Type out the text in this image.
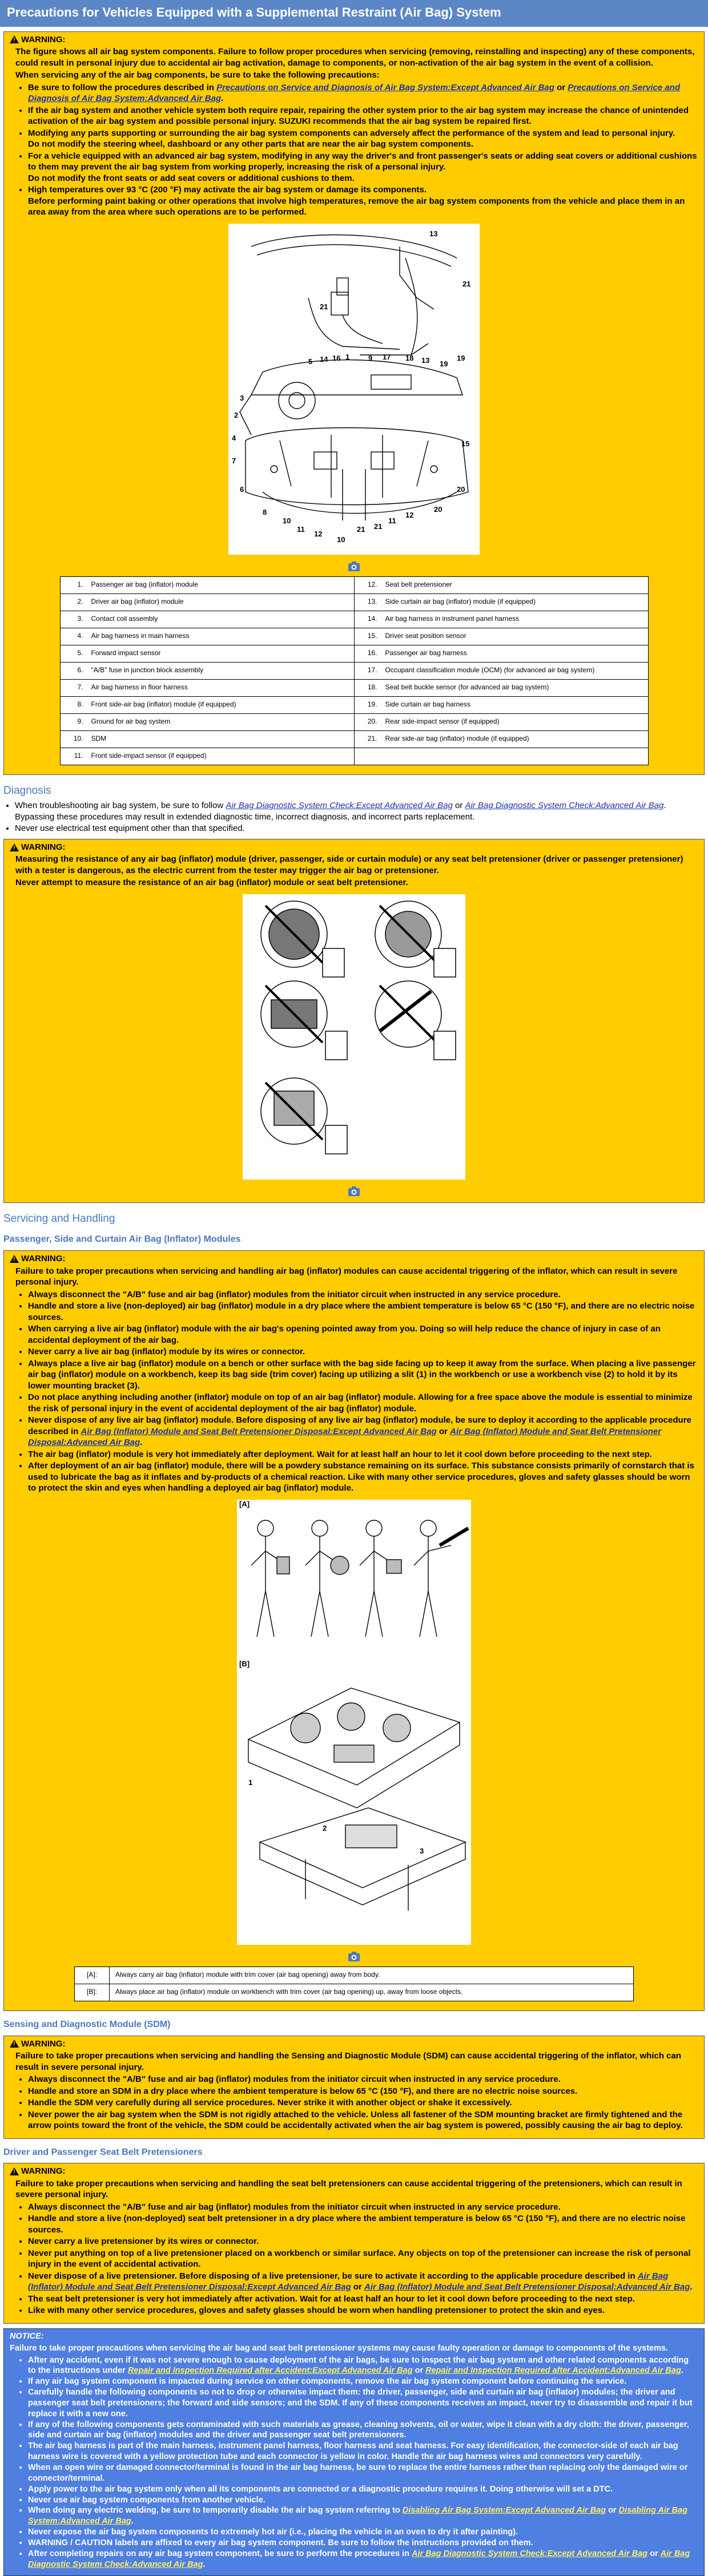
Precautions for Vehicles Equipped with a Supplemental Restraint (Air Bag) System
!
WARNING:

The figure shows all air bag system components. Failure to follow proper procedures when servicing (removing, reinstalling and inspecting) any of these components, could result in personal injury due to accidental air bag activation, damage to components, or non-activation of the air bag system in the event of a collision.

When servicing any of the air bag components, be sure to take the following precautions:

• Be sure to follow the procedures described in Precautions on Service and Diagnosis of Air Bag System:Except Advanced Air Bag or Precautions on Service and Diagnosis of Air Bag System:Advanced Air Bag.
• If the air bag system and another vehicle system both require repair, repairing the other system prior to the air bag system may increase the chance of unintended activation of the air bag system and possible personal injury. SUZUKI recommends that the air bag system be repaired first.
• Modifying any parts supporting or surrounding the air bag system components can adversely affect the performance of the system and lead to personal injury.
Do not modify the steering wheel, dashboard or any other parts that are near the air bag system components.
• For a vehicle equipped with an advanced air bag system, modifying in any way the driver's and front passenger's seats or adding seat covers or additional cushions to them may prevent the air bag system from working properly, increasing the risk of a personal injury.
Do not modify the front seats or add seat covers or additional cushions to them.
• High temperatures over 93 °C (200 °F) may activate the air bag system or damage its components.
Before performing paint baking or other operations that involve high temperatures, remove the air bag system components from the vehicle and place them in an area away from the area where such operations are to be performed.
13
21
21
19
5 14 16 1	9 17 18 13 19
3
2
4
7
6
8
10
11
12
10
21
20
21
11
12
20
15
1.	Passenger air bag (inflator) module	12.	Seat belt pretensioner
2.	Driver air bag (inflator) module	13.	Side curtain air bag (inflator) module (if equipped)
3.	Contact coil assembly	14.	Air bag harness in instrument panel harness
4.	Air bag harness in main harness	15.	Driver seat position sensor
5.	Forward impact sensor	16.	Passenger air bag harness
6.	"A/B" fuse in junction block assembly	17.	Occupant classification module (OCM) (for advanced air bag system)
7.	Air bag harness in floor harness	18.	Seat belt buckle sensor (for advanced air bag system)
8.	Front side-air bag (inflator) module (if equipped)	19.	Side curtain air bag harness
9.	Ground for air bag system	20.	Rear side-impact sensor (if equipped)
10.	SDM	21.	Rear side-air bag (inflator) module (if equipped)
11.	Front side-impact sensor (if equipped)		
Diagnosis
• When troubleshooting air bag system, be sure to follow Air Bag Diagnostic System Check:Except Advanced Air Bag or Air Bag Diagnostic System Check:Advanced Air Bag. Bypassing these procedures may result in extended diagnostic time, incorrect diagnosis, and incorrect parts replacement.
• Never use electrical test equipment other than that specified.
!
WARNING:

Measuring the resistance of any air bag (inflator) module (driver, passenger, side or curtain module) or any seat belt pretensioner (driver or passenger pretensioner) with a tester is dangerous, as the electric current from the tester may trigger the air bag or pretensioner.

Never attempt to measure the resistance of an air bag (inflator) module or seat belt pretensioner.

Servicing and Handling
Passenger, Side and Curtain Air Bag (Inflator) Modules
!
WARNING:

Failure to take proper precautions when servicing and handling air bag (inflator) modules can cause accidental triggering of the inflator, which can result in severe personal injury.

• Always disconnect the "A/B" fuse and air bag (inflator) modules from the initiator circuit when instructed in any service procedure.
• Handle and store a live (non-deployed) air bag (inflator) module in a dry place where the ambient temperature is below 65 °C (150 °F), and there are no electric noise sources.
• When carrying a live air bag (inflator) module with the air bag's opening pointed away from you. Doing so will help reduce the chance of injury in case of an accidental deployment of the air bag.
• Never carry a live air bag (inflator) module by its wires or connector.
• Always place a live air bag (inflator) module on a bench or other surface with the bag side facing up to keep it away from the surface. When placing a live passenger air bag (inflator) module on a workbench, keep its bag side (trim cover) facing up utilizing a slit (1) in the workbench or use a workbench vise (2) to hold it by its lower mounting bracket (3).
• Do not place anything including another (inflator) module on top of an air bag (inflator) module. Allowing for a free space above the module is essential to minimize the risk of personal injury in the event of accidental deployment of the air bag (inflator) module.
• Never dispose of any live air bag (inflator) module. Before disposing of any live air bag (inflator) module, be sure to deploy it according to the applicable procedure described in Air Bag (Inflator) Module and Seat Belt Pretensioner Disposal:Except Advanced Air Bag or Air Bag (Inflator) Module and Seat Belt Pretensioner Disposal:Advanced Air Bag.
• The air bag (inflator) module is very hot immediately after deployment. Wait for at least half an hour to let it cool down before proceeding to the next step.
• After deployment of an air bag (inflator) module, there will be a powdery substance remaining on its surface. This substance consists primarily of cornstarch that is used to lubricate the bag as it inflates and by-products of a chemical reaction. Like with many other service procedures, gloves and safety glasses should be worn to protect the skin and eyes when handling a deployed air bag (inflator) module.
[A]
[B]
1
2
3
[A]:	Always carry air bag (inflator) module with trim cover (air bag opening) away from body.
[B]:	Always place air bag (inflator) module on workbench with trim cover (air bag opening) up, away from loose objects.
Sensing and Diagnostic Module (SDM)
!
WARNING:

Failure to take proper precautions when servicing and handling the Sensing and Diagnostic Module (SDM) can cause accidental triggering of the inflator, which can result in severe personal injury.

• Always disconnect the "A/B" fuse and air bag (inflator) modules from the initiator circuit when instructed in any service procedure.
• Handle and store an SDM in a dry place where the ambient temperature is below 65 °C (150 °F), and there are no electric noise sources.
• Handle the SDM very carefully during all service procedures. Never strike it with another object or shake it excessively.
• Never power the air bag system when the SDM is not rigidly attached to the vehicle. Unless all fastener of the SDM mounting bracket are firmly tightened and the arrow points toward the front of the vehicle, the SDM could be accidentally activated when the air bag system is powered, possibly causing the air bag to deploy.
Driver and Passenger Seat Belt Pretensioners
!
WARNING:

Failure to take proper precautions when servicing and handling the seat belt pretensioners can cause accidental triggering of the pretensioners, which can result in severe personal injury.

• Always disconnect the "A/B" fuse and air bag (inflator) modules from the initiator circuit when instructed in any service procedure.
• Handle and store a live (non-deployed) seat belt pretensioner in a dry place where the ambient temperature is below 65 °C (150 °F), and there are no electric noise sources.
• Never carry a live pretensioner by its wires or connector.
• Never put anything on top of a live pretensioner placed on a workbench or similar surface. Any objects on top of the pretensioner can increase the risk of personal injury in the event of accidental activation.
• Never dispose of a live pretensioner. Before disposing of a live pretensioner, be sure to activate it according to the applicable procedure described in Air Bag (Inflator) Module and Seat Belt Pretensioner Disposal:Except Advanced Air Bag or Air Bag (Inflator) Module and Seat Belt Pretensioner Disposal:Advanced Air Bag.
• The seat belt pretensioner is very hot immediately after activation. Wait for at least half an hour to let it cool down before proceeding to the next step.
• Like with many other service procedures, gloves and safety glasses should be worn when handling pretensioner to protect the skin and eyes.
NOTICE:

Failure to take proper precautions when servicing the air bag and seat belt pretensioner systems may cause faulty operation or damage to components of the systems.

• After any accident, even if it was not severe enough to cause deployment of the air bags, be sure to inspect the air bag system and other related components according to the instructions under Repair and Inspection Required after Accident:Except Advanced Air Bag or Repair and Inspection Required after Accident:Advanced Air Bag.
• If any air bag system component is impacted during service on other components, remove the air bag system component before continuing the service.
• Carefully handle the following components so not to drop or otherwise impact them: the driver, passenger, side and curtain air bag (inflator) modules; the driver and passenger seat belt pretensioners; the forward and side sensors; and the SDM. If any of these components receives an impact, never try to disassemble and repair it but replace it with a new one.
• If any of the following components gets contaminated with such materials as grease, cleaning solvents, oil or water, wipe it clean with a dry cloth: the driver, passenger, side and curtain air bag (inflator) modules and the driver and passenger seat belt pretensioners.
• The air bag harness is part of the main harness, instrument panel harness, floor harness and seat harness. For easy identification, the connector-side of each air bag harness wire is covered with a yellow protection tube and each connector is yellow in color. Handle the air bag harness wires and connectors very carefully.
• When an open wire or damaged connector/terminal is found in the air bag harness, be sure to replace the entire harness rather than replacing only the damaged wire or connector/terminal.
• Apply power to the air bag system only when all its components are connected or a diagnostic procedure requires it. Doing otherwise will set a DTC.
• Never use air bag system components from another vehicle.
• When doing any electric welding, be sure to temporarily disable the air bag system referring to Disabling Air Bag System:Except Advanced Air Bag or Disabling Air Bag System:Advanced Air Bag.
• Never expose the air bag system components to extremely hot air (i.e., placing the vehicle in an oven to dry it after painting).
• WARNING / CAUTION labels are affixed to every air bag system component. Be sure to follow the instructions provided on them.
• After completing repairs on any air bag system component, be sure to perform the procedures in Air Bag Diagnostic System Check:Except Advanced Air Bag or Air Bag Diagnostic System Check:Advanced Air Bag.
